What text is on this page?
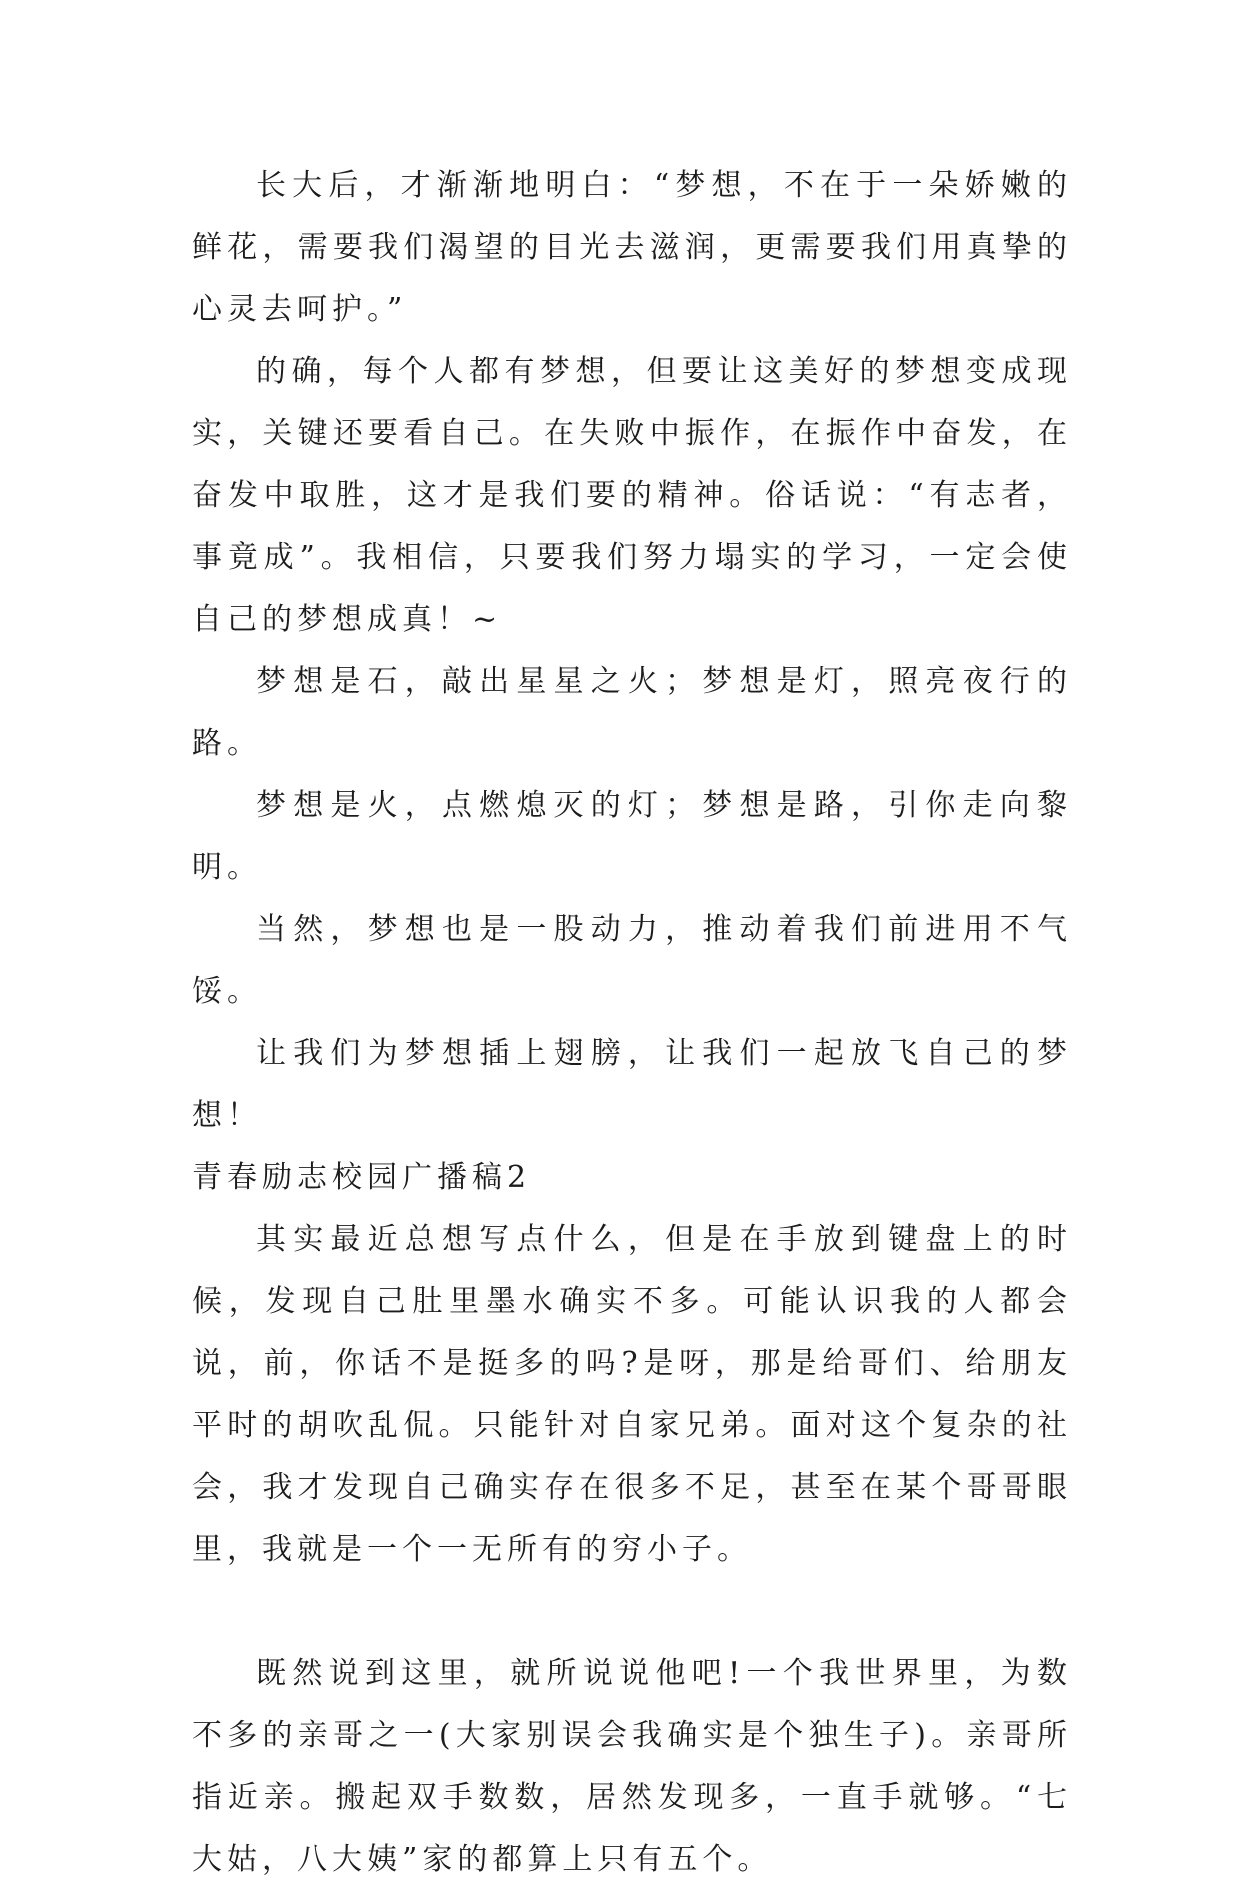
长大后，才渐渐地明白：“梦想，不在于一朵娇嫩的鲜花，需要我们渴望的目光去滋润，更需要我们用真挚的心灵去呵护。”

的确，每个人都有梦想，但要让这美好的梦想变成现实，关键还要看自己。在失败中振作，在振作中奋发，在奋发中取胜，这才是我们要的精神。俗话说：“有志者，事竟成”。我相信，只要我们努力塌实的学习，一定会使自己的梦想成真！~

梦想是石，敲出星星之火；梦想是灯，照亮夜行的路。

梦想是火，点燃熄灭的灯；梦想是路，引你走向黎明。

当然，梦想也是一股动力，推动着我们前进用不气馁。

让我们为梦想插上翅膀，让我们一起放飞自己的梦想！

青春励志校园广播稿2

其实最近总想写点什么，但是在手放到键盘上的时候，发现自己肚里墨水确实不多。可能认识我的人都会说，前，你话不是挺多的吗?是呀，那是给哥们、给朋友平时的胡吹乱侃。只能针对自家兄弟。面对这个复杂的社会，我才发现自己确实存在很多不足，甚至在某个哥哥眼里，我就是一个一无所有的穷小子。

既然说到这里，就所说说他吧!一个我世界里，为数不多的亲哥之一(大家别误会我确实是个独生子)。亲哥所指近亲。搬起双手数数，居然发现多，一直手就够。“七大姑，八大姨”家的都算上只有五个。
